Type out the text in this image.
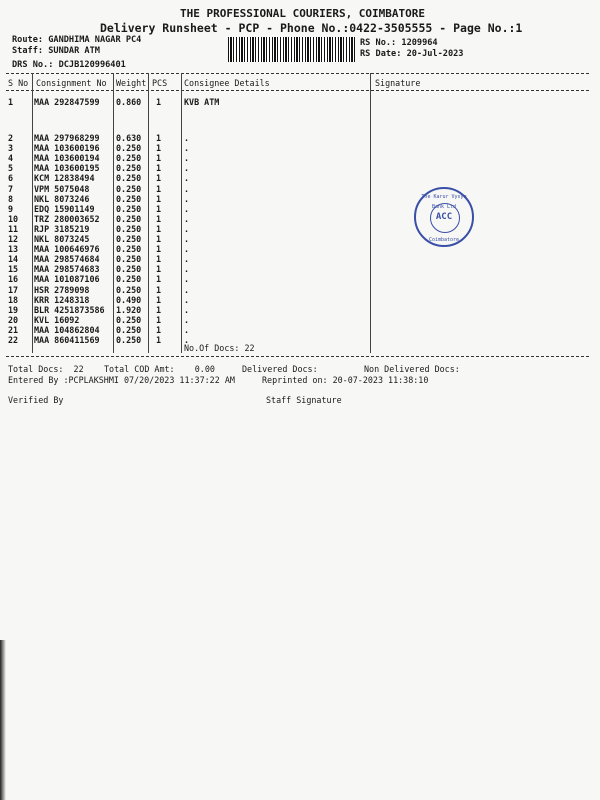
THE PROFESSIONAL COURIERS, COIMBATORE
Delivery Runsheet - PCP - Phone No.:0422-3505555 - Page No.:1
Route: GANDHIMA NAGAR PC4
Staff: SUNDAR ATM
DRS No.: DCJB120996401
RS No.: 1209964
RS Date: 20-Jul-2023
S No Consignment No Weight PCS Consignee Details	Signature
1 MAA 292847599 0.860 1	KVB ATM
2 MAA 297968299 0.630 1	.
3 MAA 103600196 0.250 1	.
4 MAA 103600194 0.250 1	.
5 MAA 103600195 0.250 1	.
6 KCM 12838494	0.250 1	.
7 VPM 5075048	0.250 1	.
8 NKL 8073246	0.250 1	.
9 EDQ 15901149	0.250 1	.
10 TRZ 280003652 0.250 1	.
11 RJP 3185219	0.250 1	.
12 NKL 8073245	0.250 1	.
13 MAA 100646976 0.250 1	.
14 MAA 298574684 0.250 1	.
15 MAA 298574683 0.250 1	.
16 MAA 101087106 0.250 1	.
17 HSR 2789098	0.250 1	.
18 KRR 1248318	0.490 1	.
19 BLR 4251873586 1.920 1	.
20 KVL 16092	0.250 1	.
21 MAA 104862804 0.250 1	.
22 MAA 860411569 0.250 1	.
No.Of Docs: 22
The Karur Vysya Bank Ltd
ACC
Coimbatore
Total Docs:  22 Total COD Amt:    0.00	Delivered Docs:	Non Delivered Docs:
Entered By :PCPLAKSHMI 07/20/2023 11:37:22 AM	Reprinted on: 20-07-2023 11:38:10
Verified By	Staff Signature
